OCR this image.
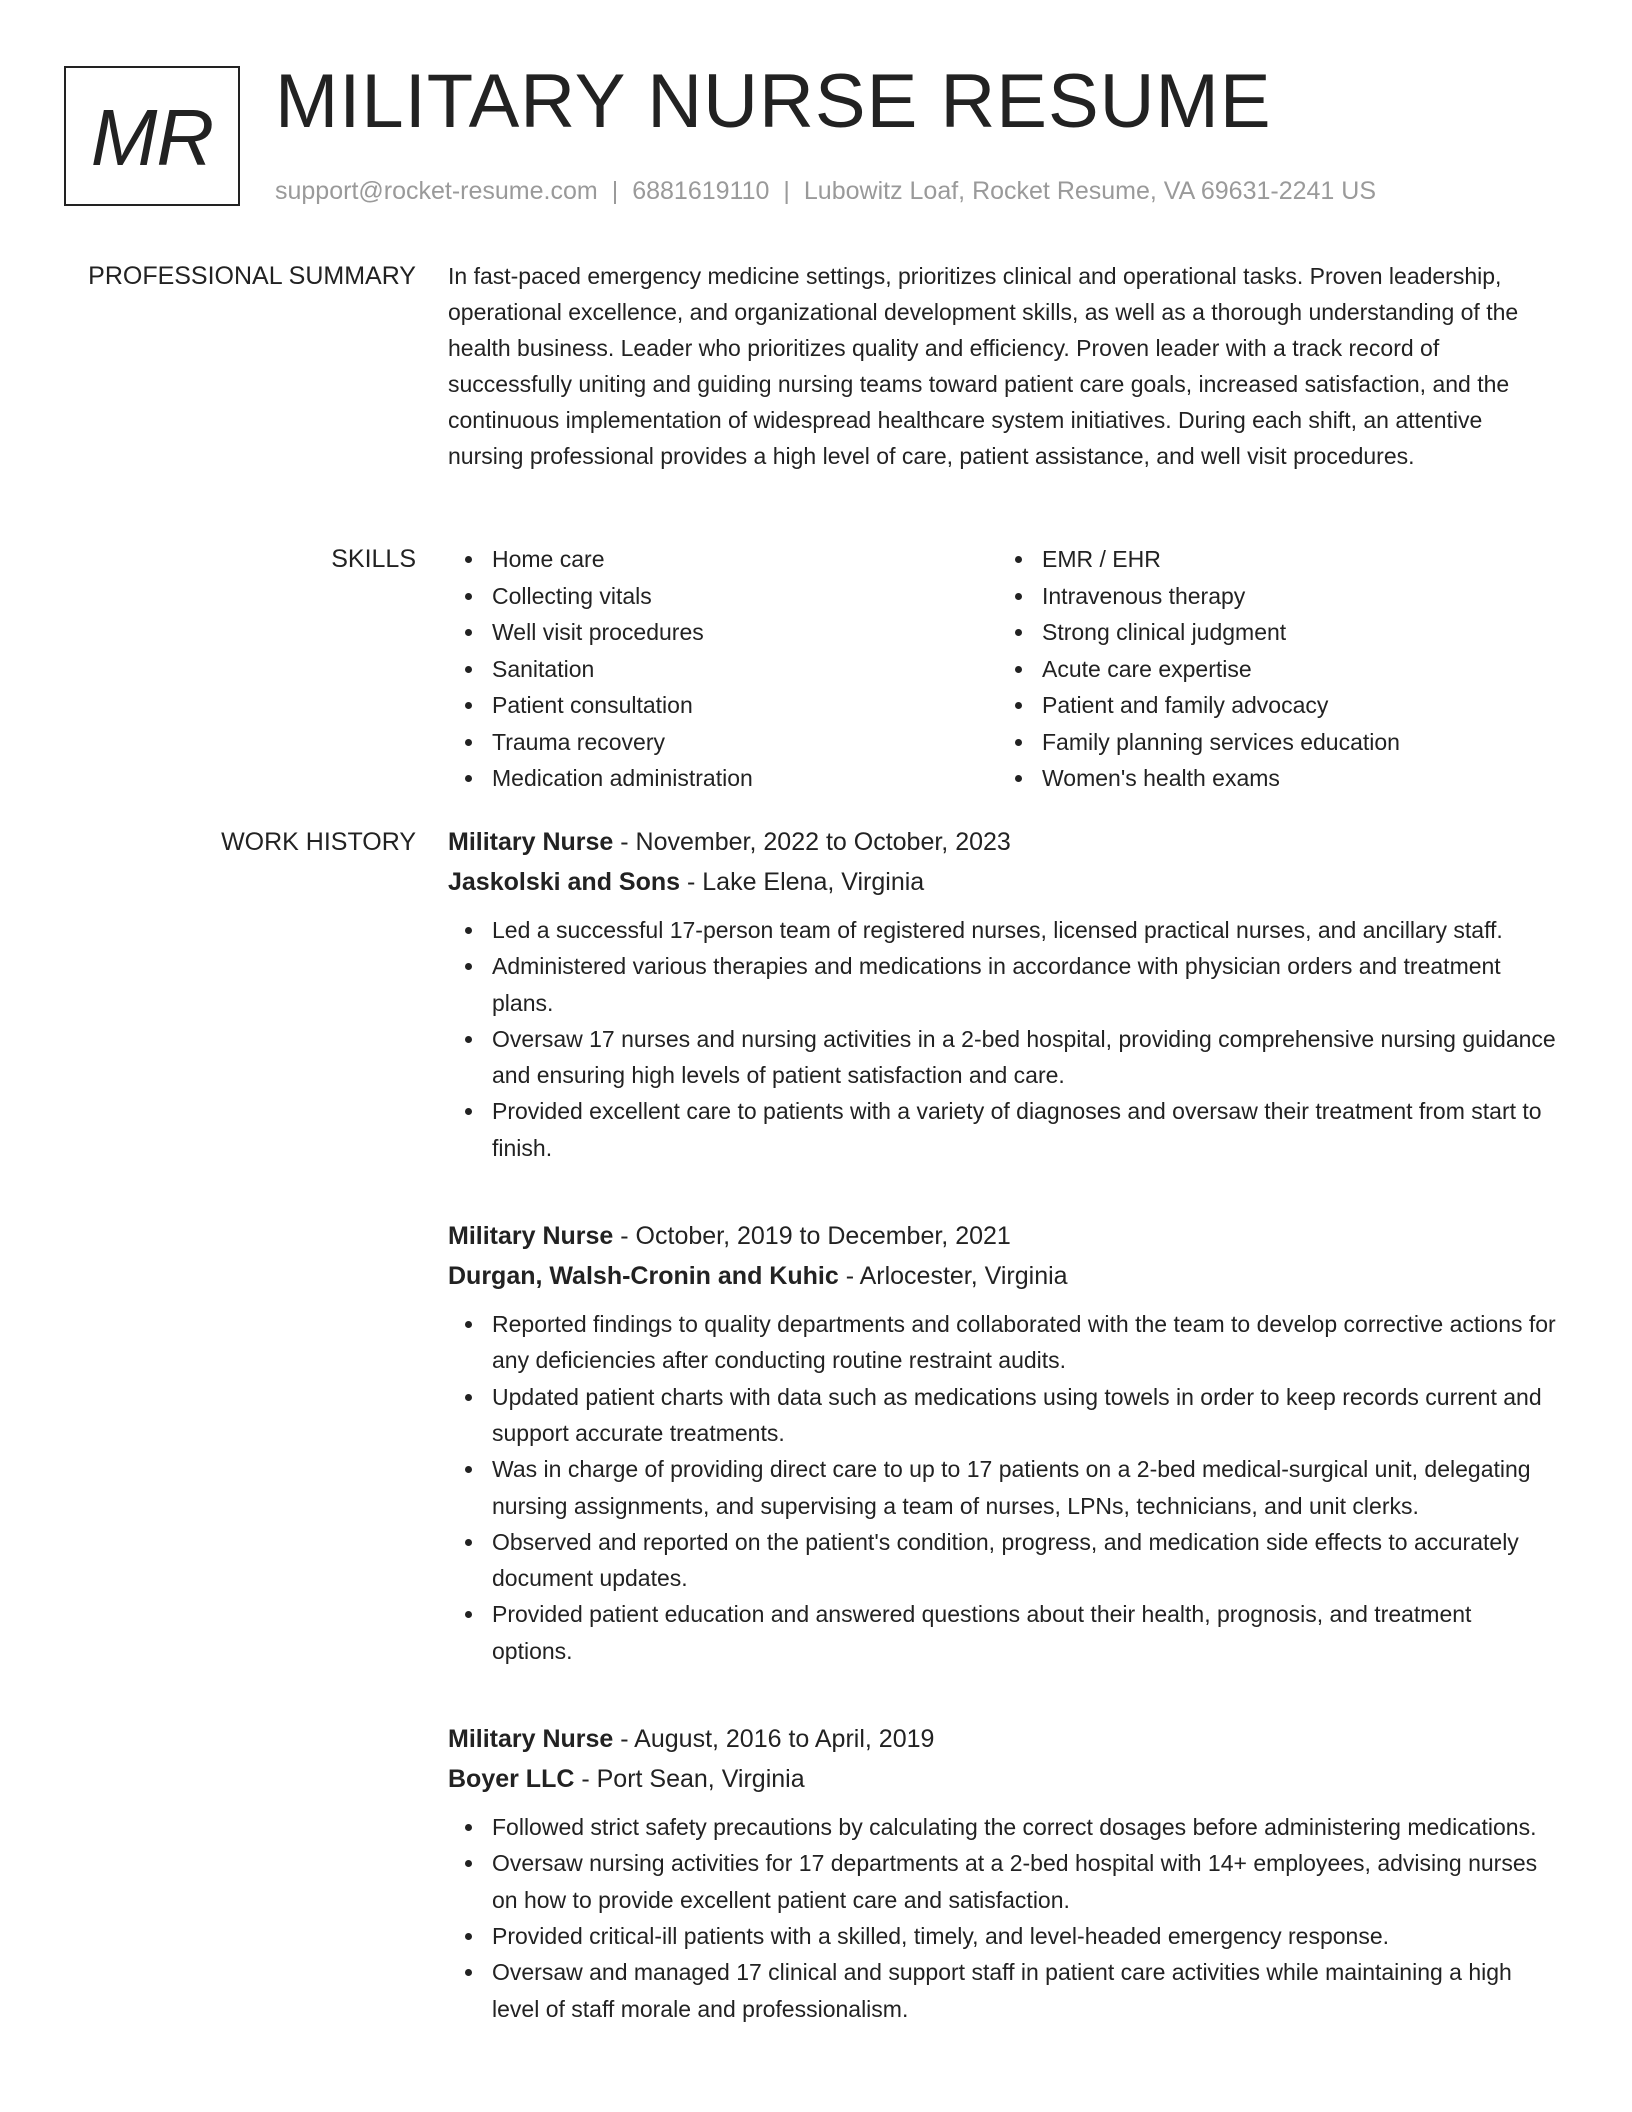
MR MILITARY NURSE RESUME
support@rocket-resume.com | 6881619110 | Lubowitz Loaf, Rocket Resume, VA 69631-2241 US
PROFESSIONAL SUMMARY In fast-paced emergency medicine settings, prioritizes clinical and operational tasks. Proven leadership, operational excellence, and organizational development skills, as well as a thorough understanding of the health business. Leader who prioritizes quality and efficiency. Proven leader with a track record of successfully uniting and guiding nursing teams toward patient care goals, increased satisfaction, and the continuous implementation of widespread healthcare system initiatives. During each shift, an attentive nursing professional provides a high level of care, patient assistance, and well visit procedures.

SKILLS	Home care
Collecting vitals
Well visit procedures
Sanitation
Patient consultation
Trauma recovery
Medication administration
EMR / EHR
Intravenous therapy
Strong clinical judgment
Acute care expertise
Patient and family advocacy
Family planning services education
Women's health exams
WORK HISTORY Military Nurse - November, 2022 to October, 2023
Jaskolski and Sons - Lake Elena, Virginia
Led a successful 17-person team of registered nurses, licensed practical nurses, and ancillary staff.
Administered various therapies and medications in accordance with physician orders and treatment plans.
Oversaw 17 nurses and nursing activities in a 2-bed hospital, providing comprehensive nursing guidance and ensuring high levels of patient satisfaction and care.
Provided excellent care to patients with a variety of diagnoses and oversaw their treatment from start to finish.
Military Nurse - October, 2019 to December, 2021
Durgan, Walsh-Cronin and Kuhic - Arlocester, Virginia
Reported findings to quality departments and collaborated with the team to develop corrective actions for any deficiencies after conducting routine restraint audits.
Updated patient charts with data such as medications using towels in order to keep records current and support accurate treatments.
Was in charge of providing direct care to up to 17 patients on a 2-bed medical-surgical unit, delegating nursing assignments, and supervising a team of nurses, LPNs, technicians, and unit clerks.
Observed and reported on the patient's condition, progress, and medication side effects to accurately document updates.
Provided patient education and answered questions about their health, prognosis, and treatment options.
Military Nurse - August, 2016 to April, 2019
Boyer LLC - Port Sean, Virginia
Followed strict safety precautions by calculating the correct dosages before administering medications.
Oversaw nursing activities for 17 departments at a 2-bed hospital with 14+ employees, advising nurses on how to provide excellent patient care and satisfaction.
Provided critical-ill patients with a skilled, timely, and level-headed emergency response.
Oversaw and managed 17 clinical and support staff in patient care activities while maintaining a high level of staff morale and professionalism.
